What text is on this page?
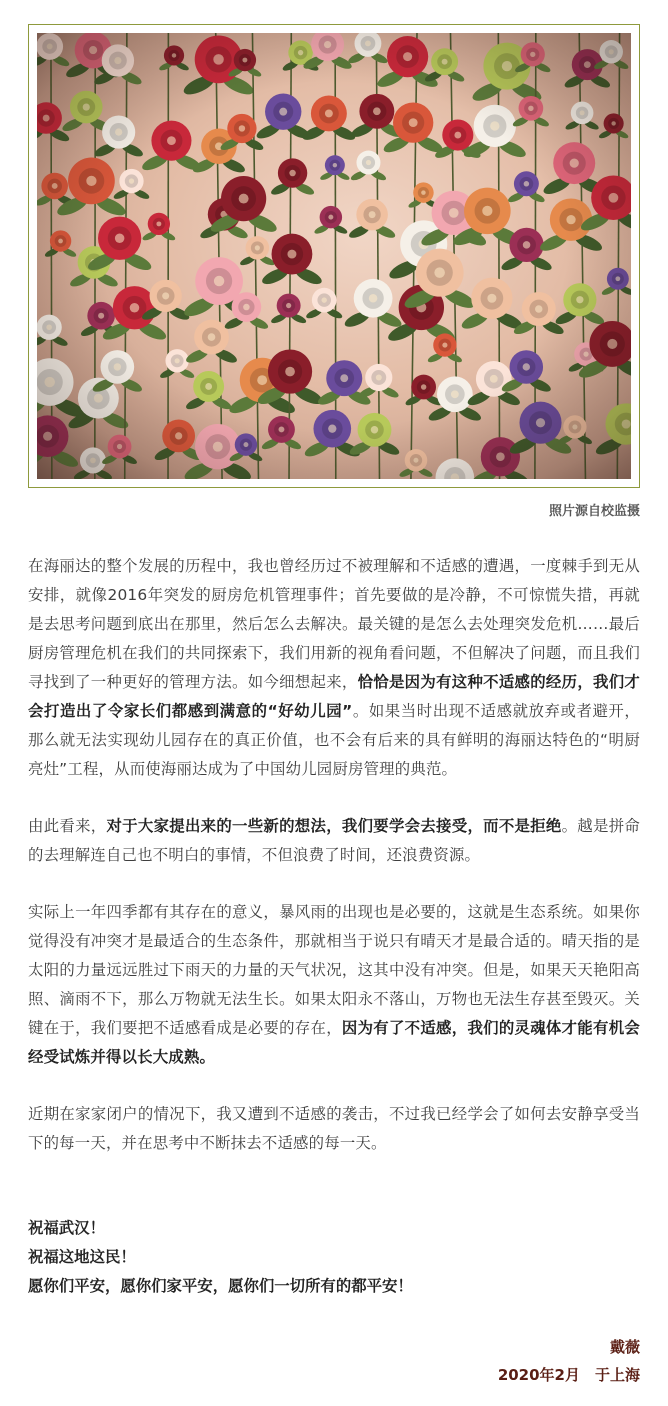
照片源自校监摄

在海丽达的整个发展的历程中，我也曾经历过不被理解和不适感的遭遇，一度棘手到无从安排，就像2016年突发的厨房危机管理事件；首先要做的是冷静，不可惊慌失措，再就是去思考问题到底出在那里，然后怎么去解决。最关键的是怎么去处理突发危机……最后厨房管理危机在我们的共同探索下，我们用新的视角看问题，不但解决了问题，而且我们寻找到了一种更好的管理方法。如今细想起来，恰恰是因为有这种不适感的经历，我们才会打造出了令家长们都感到满意的“好幼儿园”。如果当时出现不适感就放弃或者避开，那么就无法实现幼儿园存在的真正价值，也不会有后来的具有鲜明的海丽达特色的“明厨亮灶”工程，从而使海丽达成为了中国幼儿园厨房管理的典范。

由此看来，对于大家提出来的一些新的想法，我们要学会去接受，而不是拒绝。越是拼命的去理解连自己也不明白的事情，不但浪费了时间，还浪费资源。

实际上一年四季都有其存在的意义，暴风雨的出现也是必要的，这就是生态系统。如果你觉得没有冲突才是最适合的生态条件，那就相当于说只有晴天才是最合适的。晴天指的是太阳的力量远远胜过下雨天的力量的天气状况，这其中没有冲突。但是，如果天天艳阳高照、滴雨不下，那么万物就无法生长。如果太阳永不落山，万物也无法生存甚至毁灭。关键在于，我们要把不适感看成是必要的存在，因为有了不适感，我们的灵魂体才能有机会经受试炼并得以长大成熟。

近期在家家闭户的情况下，我又遭到不适感的袭击，不过我已经学会了如何去安静享受当下的每一天，并在思考中不断抹去不适感的每一天。

祝福武汉！
祝福这地这民！
愿你们平安，愿你们家平安，愿你们一切所有的都平安！
戴薇
2020年2月　于上海
